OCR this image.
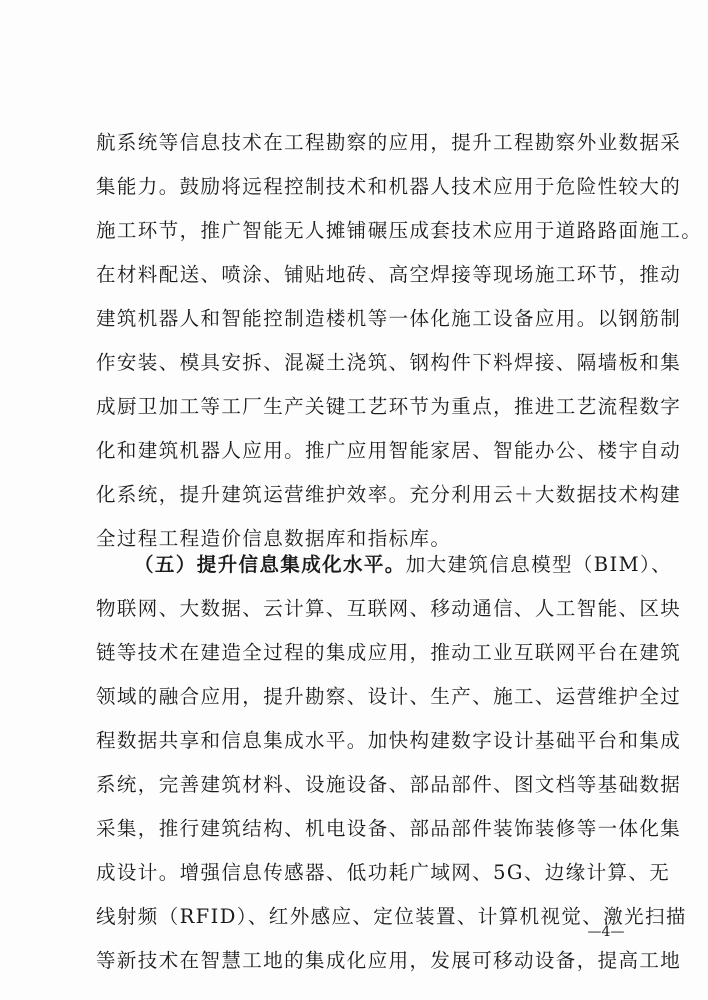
航系统等信息技术在工程勘察的应用，提升工程勘察外业数据采
集能力。鼓励将远程控制技术和机器人技术应用于危险性较大的
施工环节，推广智能无人摊铺碾压成套技术应用于道路路面施工。
在材料配送、喷涂、铺贴地砖、高空焊接等现场施工环节，推动
建筑机器人和智能控制造楼机等一体化施工设备应用。以钢筋制
作安装、模具安拆、混凝土浇筑、钢构件下料焊接、隔墙板和集
成厨卫加工等工厂生产关键工艺环节为重点，推进工艺流程数字
化和建筑机器人应用。推广应用智能家居、智能办公、楼宇自动
化系统，提升建筑运营维护效率。充分利用云＋大数据技术构建
全过程工程造价信息数据库和指标库。
（五）提升信息集成化水平。加大建筑信息模型（BIM）、
物联网、大数据、云计算、互联网、移动通信、人工智能、区块
链等技术在建造全过程的集成应用，推动工业互联网平台在建筑
领域的融合应用，提升勘察、设计、生产、施工、运营维护全过
程数据共享和信息集成水平。加快构建数字设计基础平台和集成
系统，完善建筑材料、设施设备、部品部件、图文档等基础数据
采集，推行建筑结构、机电设备、部品部件装饰装修等一体化集
成设计。增强信息传感器、低功耗广域网、5G、边缘计算、无
线射频（RFID）、红外感应、定位装置、计算机视觉、激光扫描
等新技术在智慧工地的集成化应用，发展可移动设备，提高工地
—4—
